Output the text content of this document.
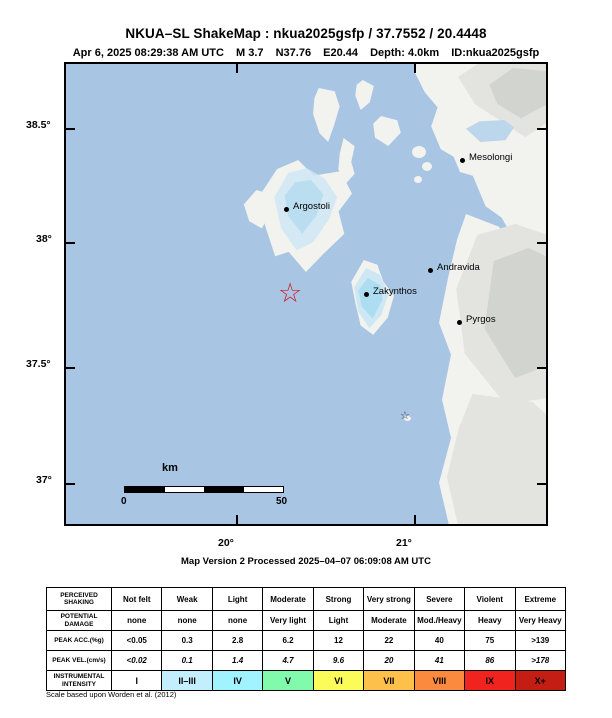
NKUA–SL ShakeMap : nkua2025gsfp / 37.7552 / 20.4448
Apr 6, 2025 08:29:38 AM UTC M 3.7 N37.76 E20.44 Depth: 4.0km ID:nkua2025gsfp
Mesolongi
Argostoli
Andravida
Zakynthos
Pyrgos
☆
☆
km
0	50
38.5°
38°
37.5°
37°
20°	21°
Map Version 2 Processed 2025–04–07 06:09:08 AM UTC
PERCEIVED SHAKING	Not felt	Weak	Light	Moderate	Strong	Very strong	Severe	Violent	Extreme
POTENTIAL DAMAGE	none	none	none	Very light	Light	Moderate	Mod./Heavy	Heavy	Very Heavy
PEAK ACC.(%g)	<0.05	0.3	2.8	6.2	12	22	40	75	>139
PEAK VEL.(cm/s)	<0.02	0.1	1.4	4.7	9.6	20	41	86	>178
INSTRUMENTAL INTENSITY	I	II–III	IV	V	VI	VII	VIII	IX	X+
Scale based upon Worden et al. (2012)
